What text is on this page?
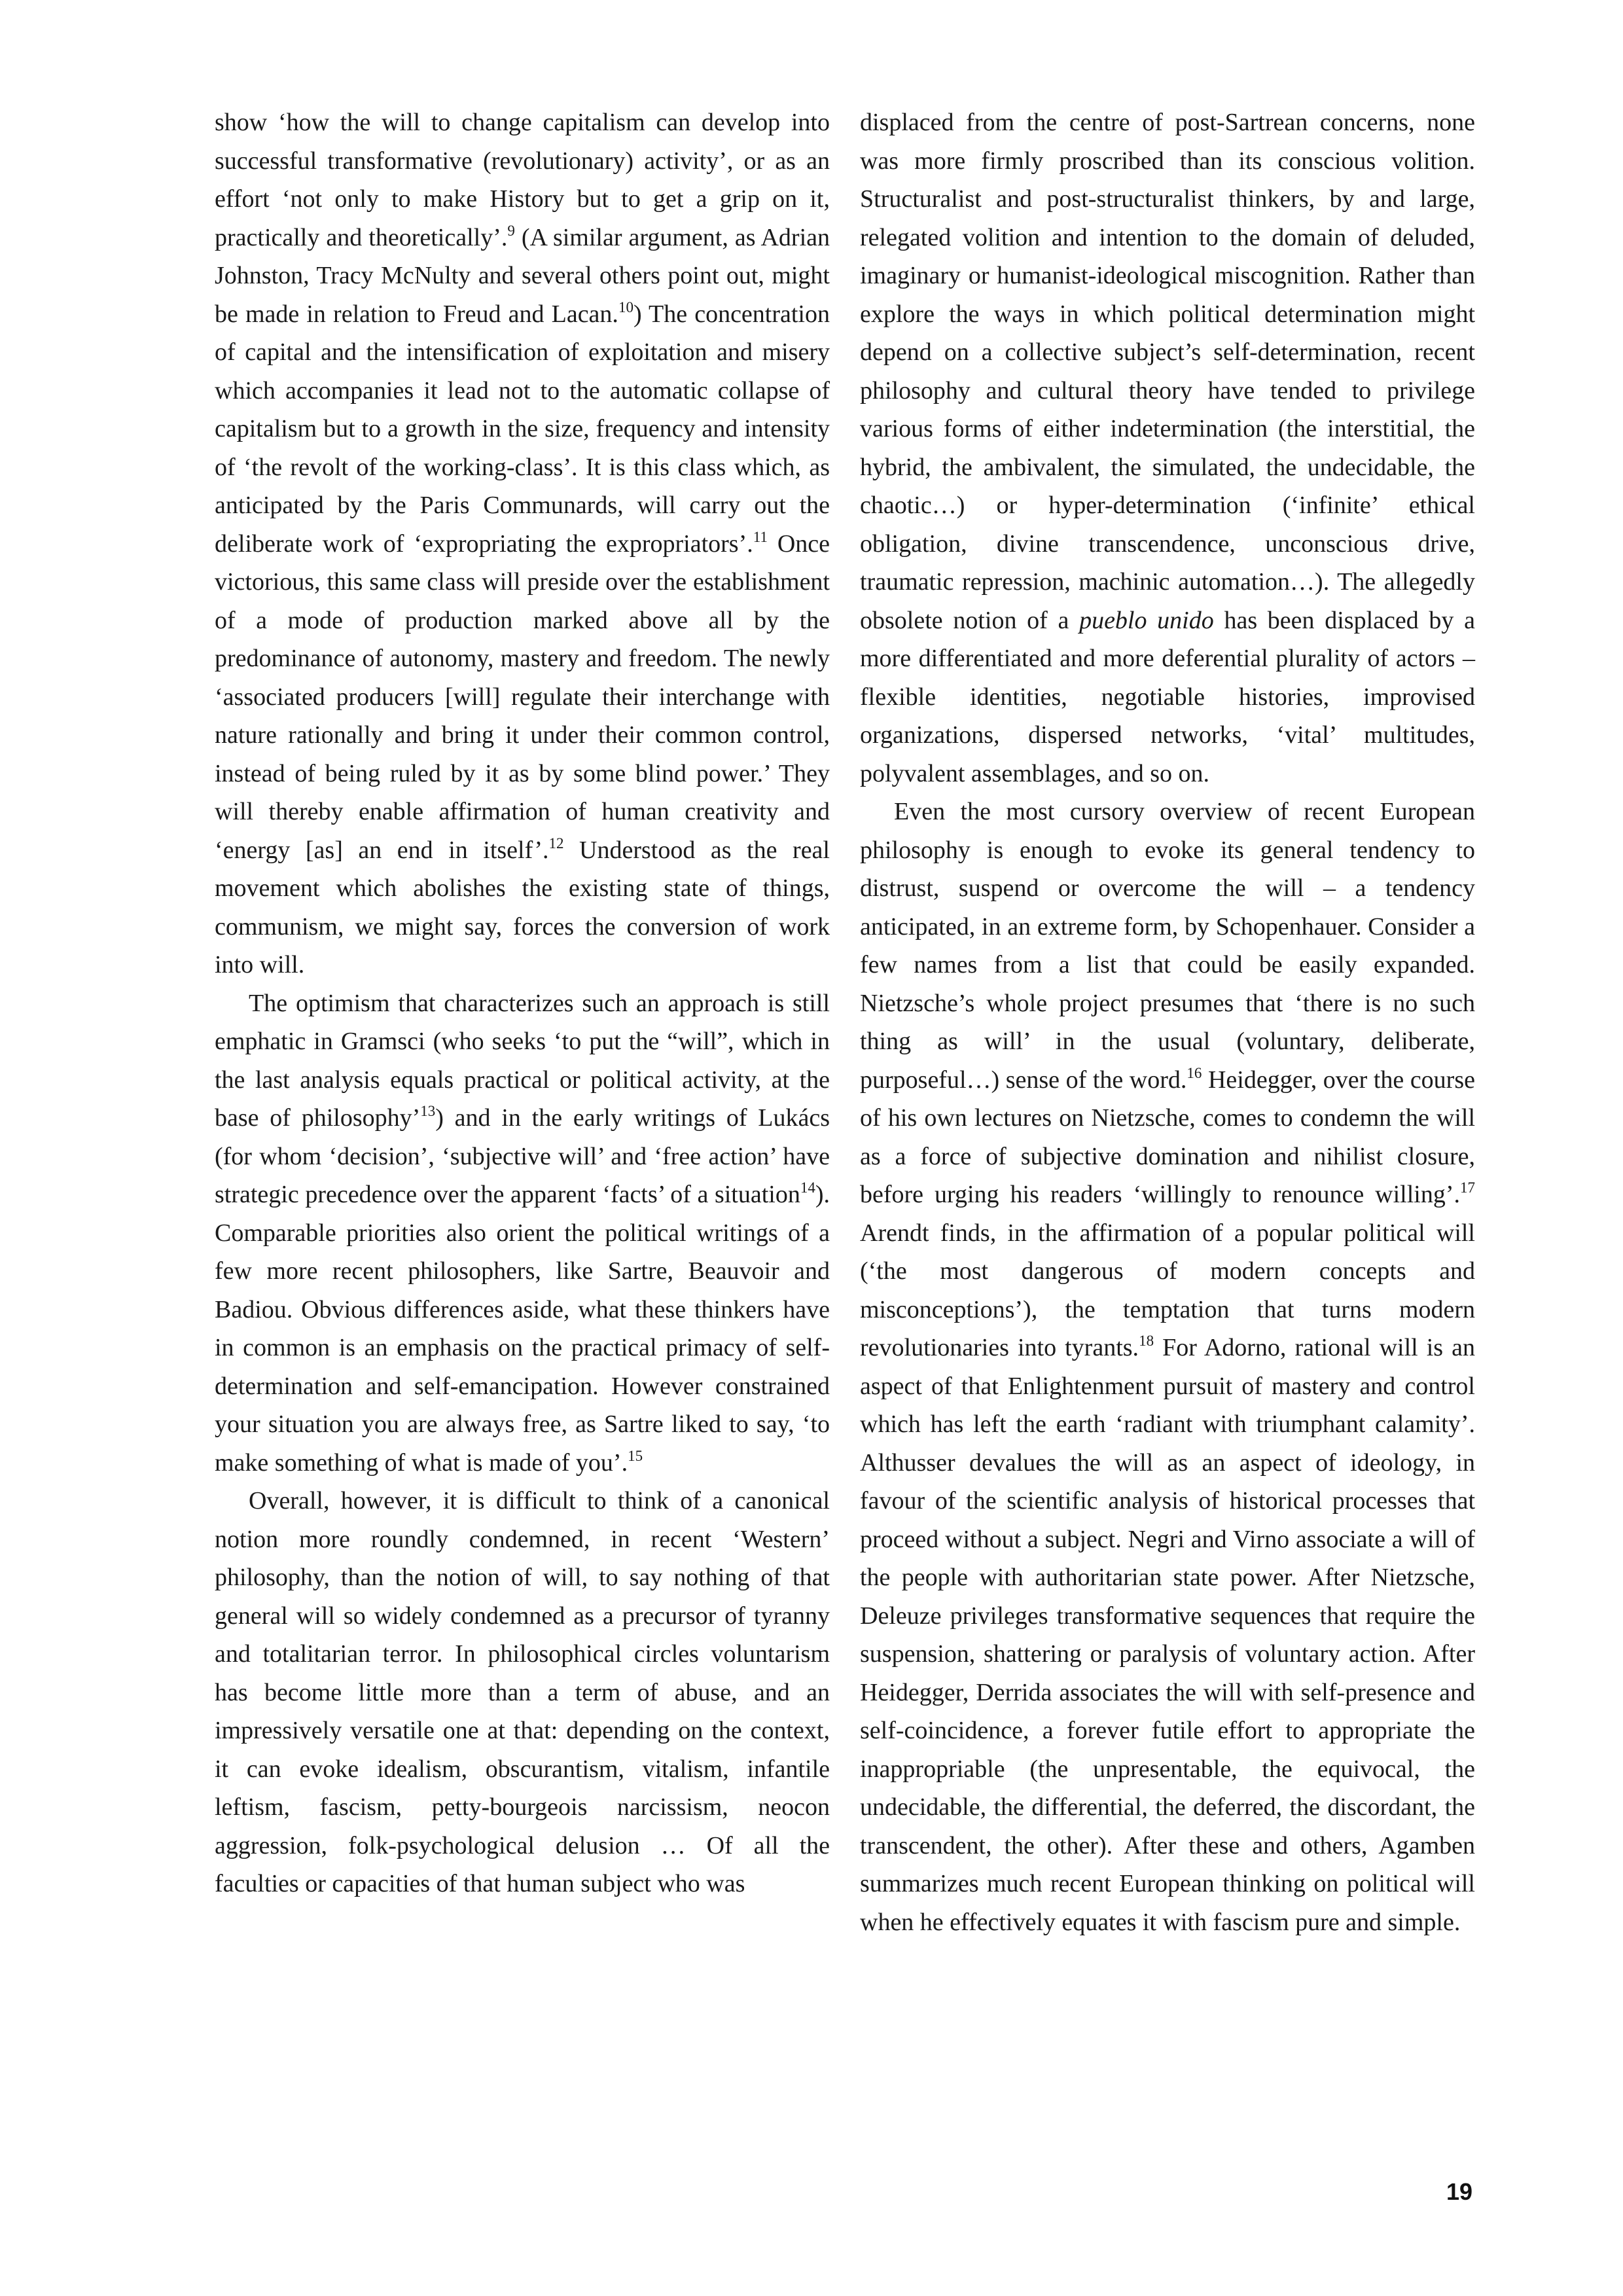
show ‘how the will to change capitalism can develop into successful transformative (revolutionary) activity’, or as an effort ‘not only to make History but to get a grip on it, practically and theoretically’.$^9$ (A similar argument, as Adrian Johnston, Tracy McNulty and several others point out, might be made in relation to Freud and Lacan.$^{10}$) The concentration of capital and the intensification of exploitation and misery which accompanies it lead not to the automatic collapse of capitalism but to a growth in the size, frequency and intensity of ‘the revolt of the working-class’. It is this class which, as anticipated by the Paris Communards, will carry out the deliberate work of ‘expropriating the expropriators’.$^{11}$ Once victorious, this same class will preside over the establishment of a mode of production marked above all by the predominance of autonomy, mastery and freedom. The newly ‘associated producers [will] regulate their interchange with nature rationally and bring it under their common control, instead of being ruled by it as by some blind power.’ They will thereby enable affirmation of human creativity and ‘energy [as] an end in itself’.$^{12}$ Understood as the real movement which abolishes the existing state of things, communism, we might say, forces the conversion of work into will.

The optimism that characterizes such an approach is still emphatic in Gramsci (who seeks ‘to put the “will”, which in the last analysis equals practical or political activity, at the base of philosophy’$^{13}$) and in the early writings of Lukács (for whom ‘decision’, ‘subjective will’ and ‘free action’ have strategic precedence over the apparent ‘facts’ of a situation$^{14}$). Comparable priorities also orient the political writings of a few more recent philosophers, like Sartre, Beauvoir and Badiou. Obvious differences aside, what these thinkers have in common is an emphasis on the practical primacy of self-determination and self-emancipation. However constrained your situation you are always free, as Sartre liked to say, ‘to make something of what is made of you’.$^{15}$

Overall, however, it is difficult to think of a canonical notion more roundly condemned, in recent ‘Western’ philosophy, than the notion of will, to say nothing of that general will so widely condemned as a precursor of tyranny and totalitarian terror. In philosophical circles voluntarism has become little more than a term of abuse, and an impressively versatile one at that: depending on the context, it can evoke idealism, obscurantism, vitalism, infantile leftism, fascism, petty-bourgeois narcissism, neocon aggression, folk-psychological delusion … Of all the faculties or capacities of that human subject who was

displaced from the centre of post-Sartrean concerns, none was more firmly proscribed than its conscious volition. Structuralist and post-structuralist thinkers, by and large, relegated volition and intention to the domain of deluded, imaginary or humanist-ideological miscognition. Rather than explore the ways in which political determination might depend on a collective subject’s self-determination, recent philosophy and cultural theory have tended to privilege various forms of either indetermination (the interstitial, the hybrid, the ambivalent, the simulated, the undecidable, the chaotic…) or hyper-determination (‘infinite’ ethical obligation, divine transcendence, unconscious drive, traumatic repression, machinic automation…). The allegedly obsolete notion of a pueblo unido has been displaced by a more differentiated and more deferential plurality of actors – flexible identities, negotiable histories, improvised organizations, dispersed networks, ‘vital’ multitudes, polyvalent assemblages, and so on.

Even the most cursory overview of recent European philosophy is enough to evoke its general tendency to distrust, suspend or overcome the will – a tendency anticipated, in an extreme form, by Schopenhauer. Consider a few names from a list that could be easily expanded. Nietzsche’s whole project presumes that ‘there is no such thing as will’ in the usual (voluntary, deliberate, purposeful…) sense of the word.$^{16}$ Heidegger, over the course of his own lectures on Nietzsche, comes to condemn the will as a force of subjective domination and nihilist closure, before urging his readers ‘willingly to renounce willing’.$^{17}$ Arendt finds, in the affirmation of a popular political will (‘the most dangerous of modern concepts and misconceptions’), the temptation that turns modern revolutionaries into tyrants.$^{18}$ For Adorno, rational will is an aspect of that Enlightenment pursuit of mastery and control which has left the earth ‘radiant with triumphant calamity’. Althusser devalues the will as an aspect of ideology, in favour of the scientific analysis of historical processes that proceed without a subject. Negri and Virno associate a will of the people with authoritarian state power. After Nietzsche, Deleuze privileges transformative sequences that require the suspension, shattering or paralysis of voluntary action. After Heidegger, Derrida associates the will with self-presence and self-coincidence, a forever futile effort to appropriate the inappropriable (the unpresentable, the equivocal, the undecidable, the differential, the deferred, the discordant, the transcendent, the other). After these and others, Agamben summarizes much recent European thinking on political will when he effectively equates it with fascism pure and simple.

19
